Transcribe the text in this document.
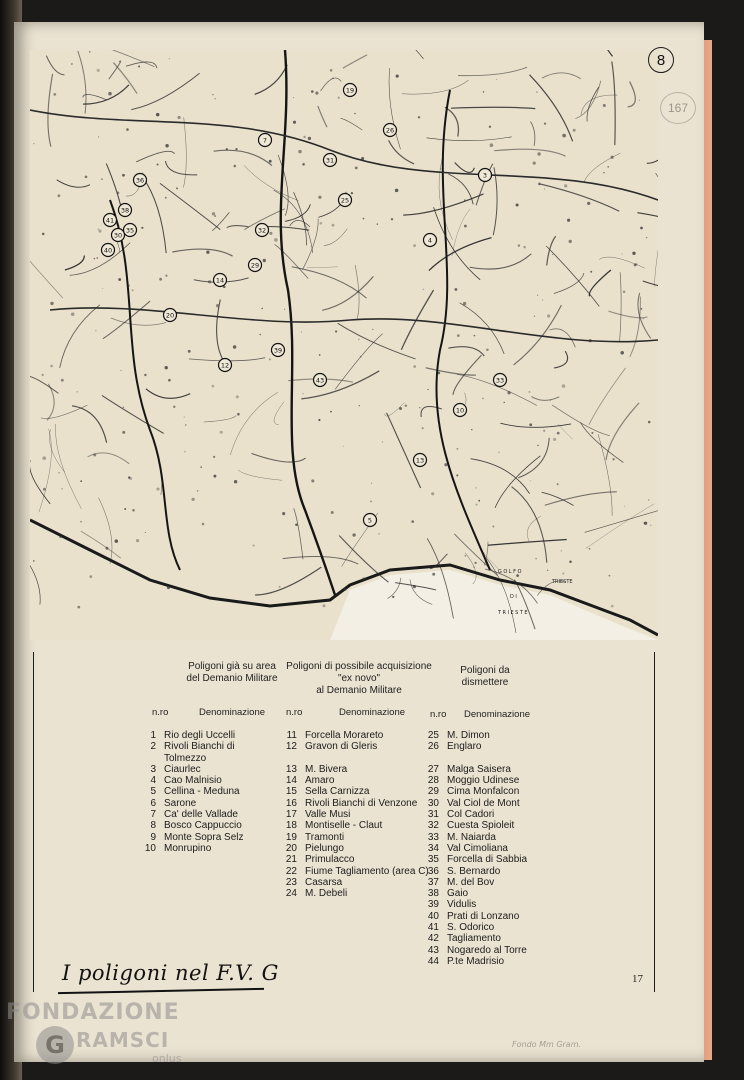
36
38
41
30
40
35	32
29
31
26
3
4
25
39
12
20
5
13
10
33
7
19
43
14
GOLFO
DI
TRIESTE
TRIESTE
8
167
Poligoni già su area
del Demanio Militare
n.ro	Denominazione
1 Rio degli Uccelli
2 Rivoli Bianchi di
Tolmezzo
3 Ciaurlec
4 Cao Malnisio
5 Cellina - Meduna
6 Sarone
7 Ca' delle Vallade
8 Bosco Cappuccio
9 Monte Sopra Selz
10 Monrupino
Poligoni di possibile acquisizione
"ex novo"
al Demanio Militare
n.ro	Denominazione
11 Forcella Morareto
12 Gravon di Gleris

13 M. Bivera
14 Amaro
15 Sella Carnizza
16 Rivoli Bianchi di Venzone
17 Valle Musi
18 Montiselle - Claut
19 Tramonti
20 Pielungo
21 Primulacco
22 Fiume Tagliamento (area C)
23 Casarsa
24 M. Debeli
Poligoni da
dismettere
n.ro Denominazione
25 M. Dimon
26 Englaro

27 Malga Saisera
28 Moggio Udinese
29 Cima Monfalcon
30 Val Ciol de Mont
31 Col Cadori
32 Cuesta Spioleit
33 M. Naiarda
34 Val Cimoliana
35 Forcella di Sabbia
36 S. Bernardo
37 M. del Bov
38 Gaio
39 Vidulis
40 Prati di Lonzano
41 S. Odorico
42 Tagliamento
43 Nogaredo al Torre
44 P.te Madrisio
17
I poligoni nel F.V. G
Fondo Mm Gram.
FONDAZIONE
G RAMSCI
onlus
